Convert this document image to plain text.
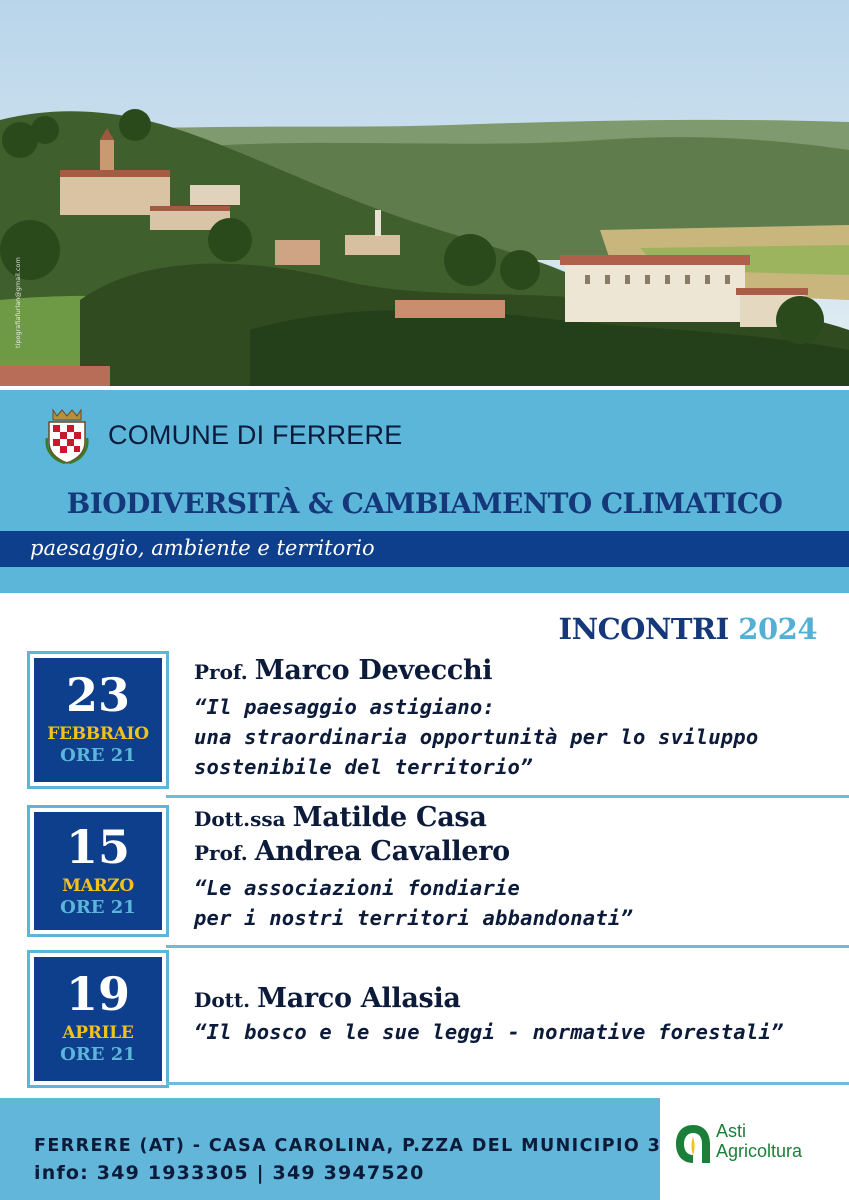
tipografiafurlan@gmail.com
COMUNE DI FERRERE
BIODIVERSITÀ & CAMBIAMENTO CLIMATICO
paesaggio, ambiente e territorio
INCONTRI 2024
23
FEBBRAIO
ORE 21
Prof. Marco Devecchi
“Il paesaggio astigiano:
una straordinaria opportunità per lo sviluppo
sostenibile del territorio”
15
MARZO
ORE 21
Dott.ssa Matilde Casa
Prof. Andrea Cavallero
“Le associazioni fondiarie
per i nostri territori abbandonati”
19
APRILE
ORE 21
Dott. Marco Allasia
“Il bosco e le sue leggi - normative forestali”
FERRERE (AT) - CASA CAROLINA, P.ZZA DEL MUNICIPIO 3
info: 349 1933305 | 349 3947520
Asti
Agricoltura
